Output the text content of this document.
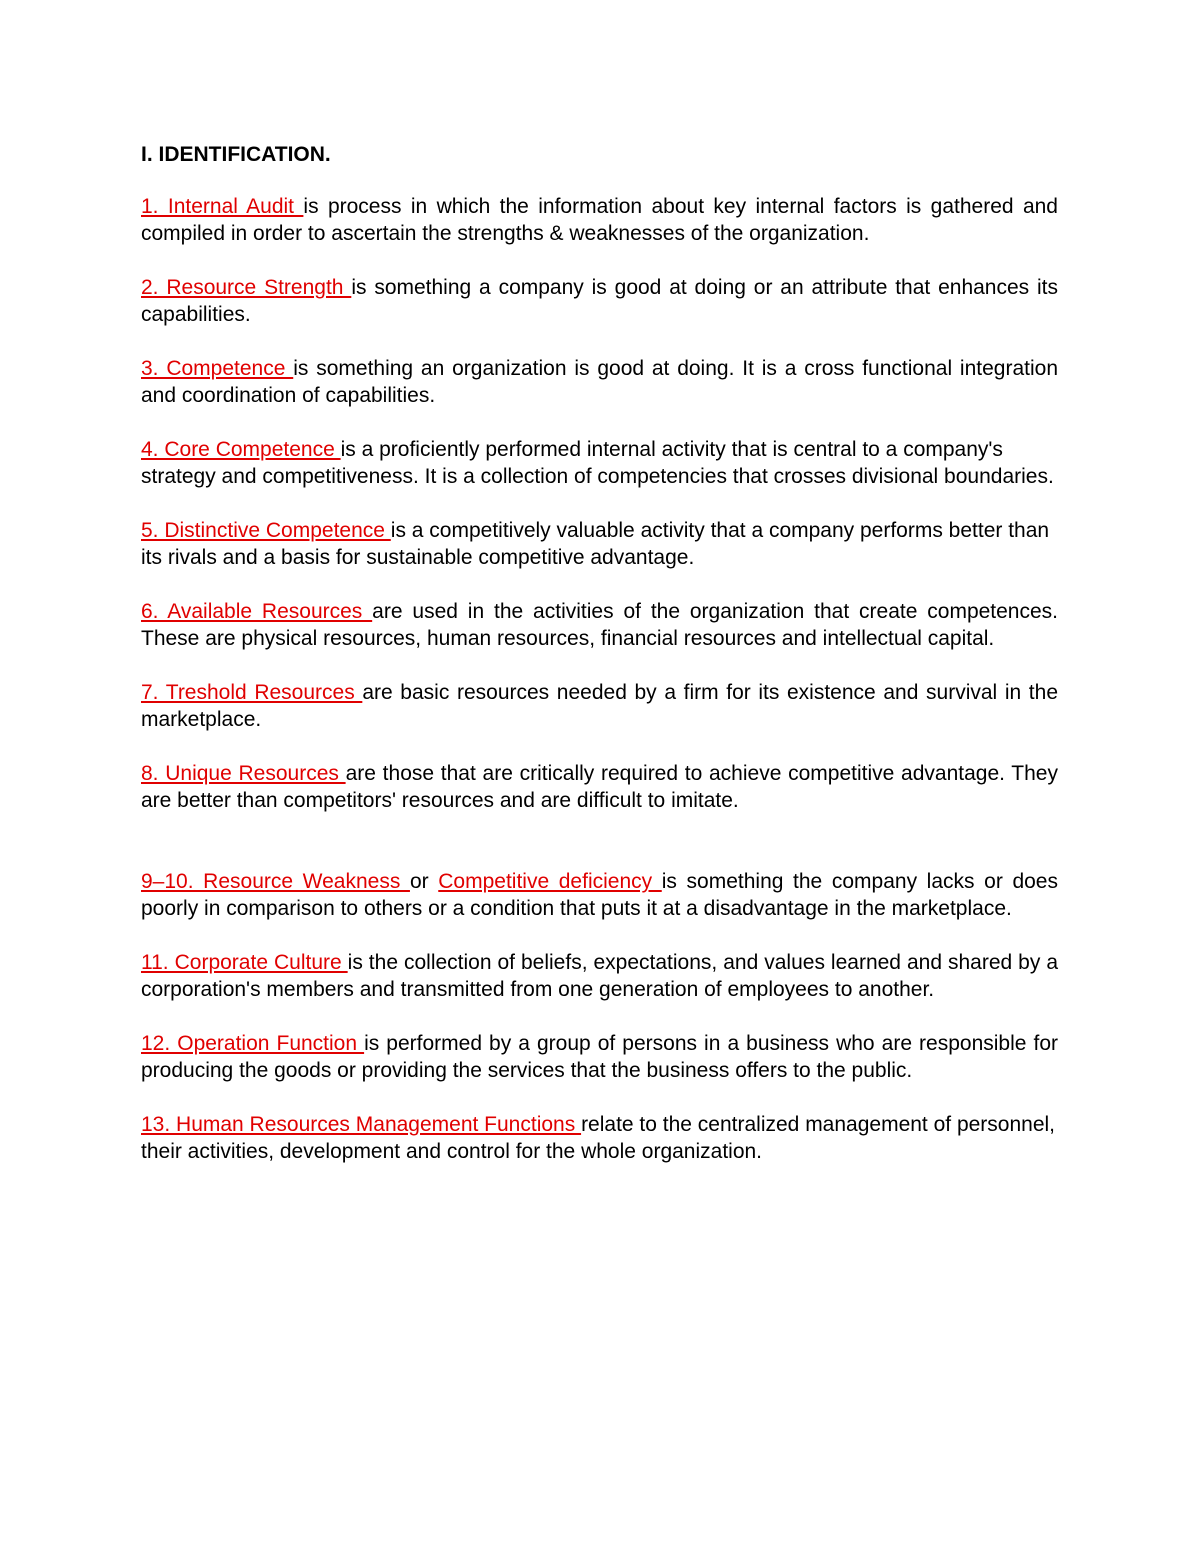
I. IDENTIFICATION.

1. Internal Audit is process in which the information about key internal factors is gathered and compiled in order to ascertain the strengths & weaknesses of the organization.

2. Resource Strength is something a company is good at doing or an attribute that enhances its capabilities.

3. Competence is something an organization is good at doing. It is a cross functional integration and coordination of capabilities.

4. Core Competence is a proficiently performed internal activity that is central to a company's strategy and competitiveness. It is a collection of competencies that crosses divisional boundaries.

5. Distinctive Competence is a competitively valuable activity that a company performs better than its rivals and a basis for sustainable competitive advantage.

6. Available Resources are used in the activities of the organization that create competences. These are physical resources, human resources, financial resources and intellectual capital.

7. Treshold Resources are basic resources needed by a firm for its existence and survival in the marketplace.

8. Unique Resources are those that are critically required to achieve competitive advantage. They are better than competitors' resources and are difficult to imitate.

9–10. Resource Weakness or Competitive deficiency is something the company lacks or does poorly in comparison to others or a condition that puts it at a disadvantage in the marketplace.

11. Corporate Culture is the collection of beliefs, expectations, and values learned and shared by a corporation's members and transmitted from one generation of employees to another.

12. Operation Function is performed by a group of persons in a business who are responsible for producing the goods or providing the services that the business offers to the public.

13. Human Resources Management Functions relate to the centralized management of personnel, their activities, development and control for the whole organization.
